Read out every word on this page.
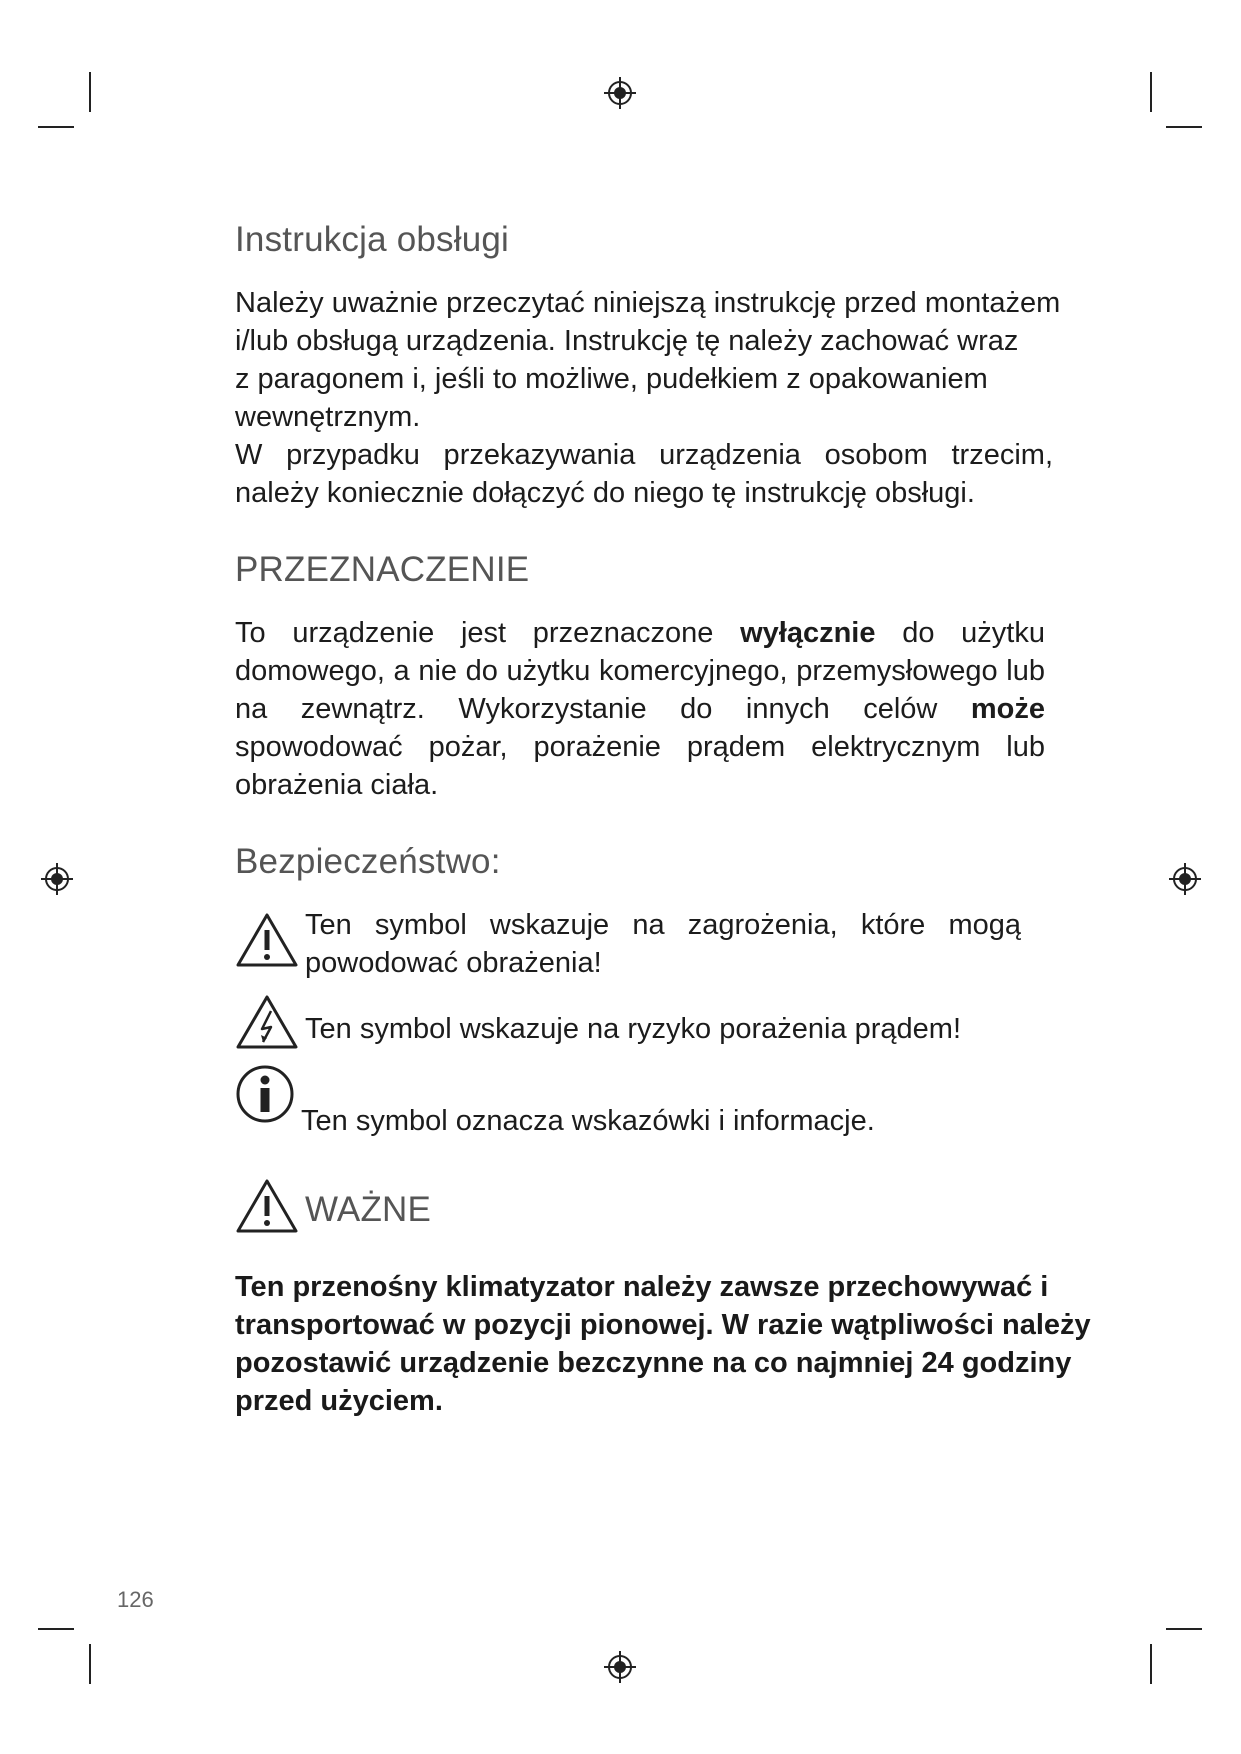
Instrukcja obsługi

Należy uważnie przeczytać niniejszą instrukcję przed montażem

i/lub obsługą urządzenia. Instrukcję tę należy zachować wraz

z paragonem i, jeśli to możliwe, pudełkiem z opakowaniem

wewnętrznym.

W przypadku przekazywania urządzenia osobom trzecim,

należy koniecznie dołączyć do niego tę instrukcję obsługi.

PRZEZNACZENIE

To urządzenie jest przeznaczone wyłącznie do użytku domowego, a nie do użytku komercyjnego, przemysłowego lub na zewnątrz. Wykorzystanie do innych celów może spowodować pożar, porażenie prądem elektrycznym lub obrażenia ciała.

Bezpieczeństwo:

Ten symbol wskazuje na zagrożenia, które mogą powodować obrażenia!

Ten symbol wskazuje na ryzyko porażenia prądem!

Ten symbol oznacza wskazówki i informacje.

WAŻNE

Ten przenośny klimatyzator należy zawsze przechowywać i transportować w pozycji pionowej. W razie wątpliwości należy pozostawić urządzenie bezczynne na co najmniej 24 godziny przed użyciem.

126
